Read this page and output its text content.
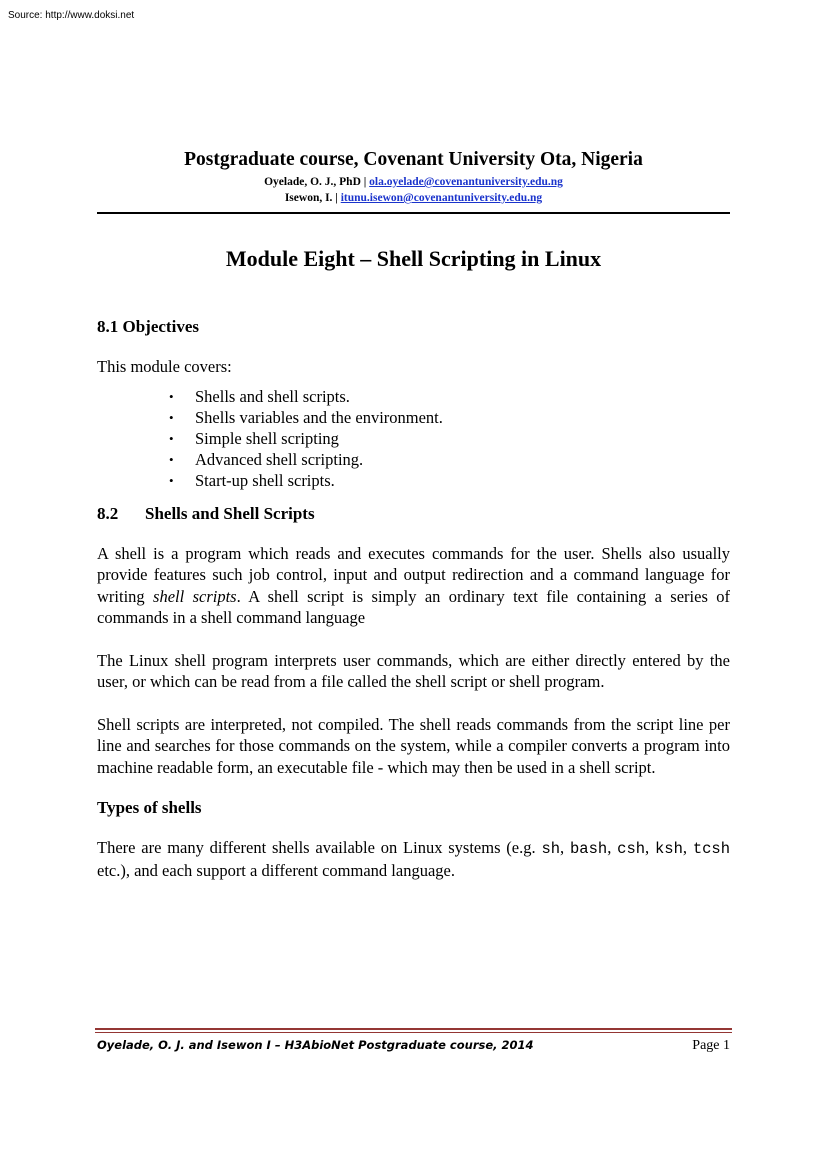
Source: http://www.doksi.net
Postgraduate course, Covenant University Ota, Nigeria
Oyelade, O. J., PhD | ola.oyelade@covenantuniversity.edu.ng
Isewon, I. | itunu.isewon@covenantuniversity.edu.ng
Module Eight – Shell Scripting in Linux
8.1 Objectives

This module covers:

• Shells and shell scripts.
• Shells variables and the environment.
• Simple shell scripting
• Advanced shell scripting.
• Start-up shell scripts.
8.2 Shells and Shell Scripts

A shell is a program which reads and executes commands for the user. Shells also usually provide features such job control, input and output redirection and a command language for writing shell scripts. A shell script is simply an ordinary text file containing a series of commands in a shell command language

The Linux shell program interprets user commands, which are either directly entered by the user, or which can be read from a file called the shell script or shell program.

Shell scripts are interpreted, not compiled. The shell reads commands from the script line per line and searches for those commands on the system, while a compiler converts a program into machine readable form, an executable file - which may then be used in a shell script.

Types of shells

There are many different shells available on Linux systems (e.g. sh, bash, csh, ksh, tcsh etc.), and each support a different command language.

Oyelade, O. J. and Isewon I – H3AbioNet Postgraduate course, 2014	Page 1
